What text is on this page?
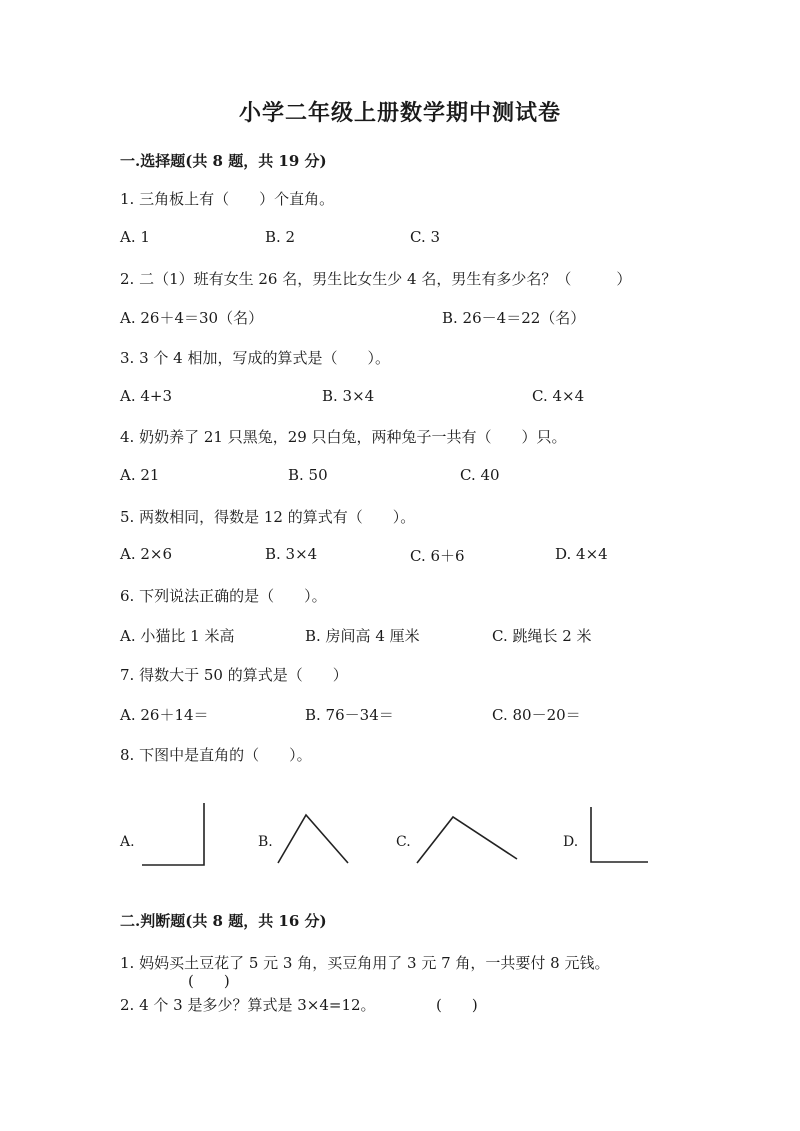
小学二年级上册数学期中测试卷
一.选择题(共 8 题，共 19 分)
1. 三角板上有（　　）个直角。
A. 1	B. 2	C. 3
2. 二（1）班有女生 26 名，男生比女生少 4 名，男生有多少名？（　　　）
A. 26＋4＝30（名）	B. 26－4＝22（名）
3. 3 个 4 相加，写成的算式是（　　）。
A. 4+3	B. 3×4	C. 4×4
4. 奶奶养了 21 只黑兔，29 只白兔，两种兔子一共有（　　）只。
A. 21	B. 50	C. 40
5. 两数相同，得数是 12 的算式有（　　）。
A. 2×6	B. 3×4	C. 6＋6	D. 4×4
6. 下列说法正确的是（　　）。
A. 小猫比 1 米高	B. 房间高 4 厘米	C. 跳绳长 2 米
7. 得数大于 50 的算式是（　　）
A. 26＋14＝	B. 76－34＝	C. 80－20＝
8. 下图中是直角的（　　）。
A.	B.	C.	D.
二.判断题(共 8 题，共 16 分)
1. 妈妈买土豆花了 5 元 3 角，买豆角用了 3 元 7 角，一共要付 8 元钱。
(　　)
2. 4 个 3 是多少？算式是 3×4=12。	(　　)
